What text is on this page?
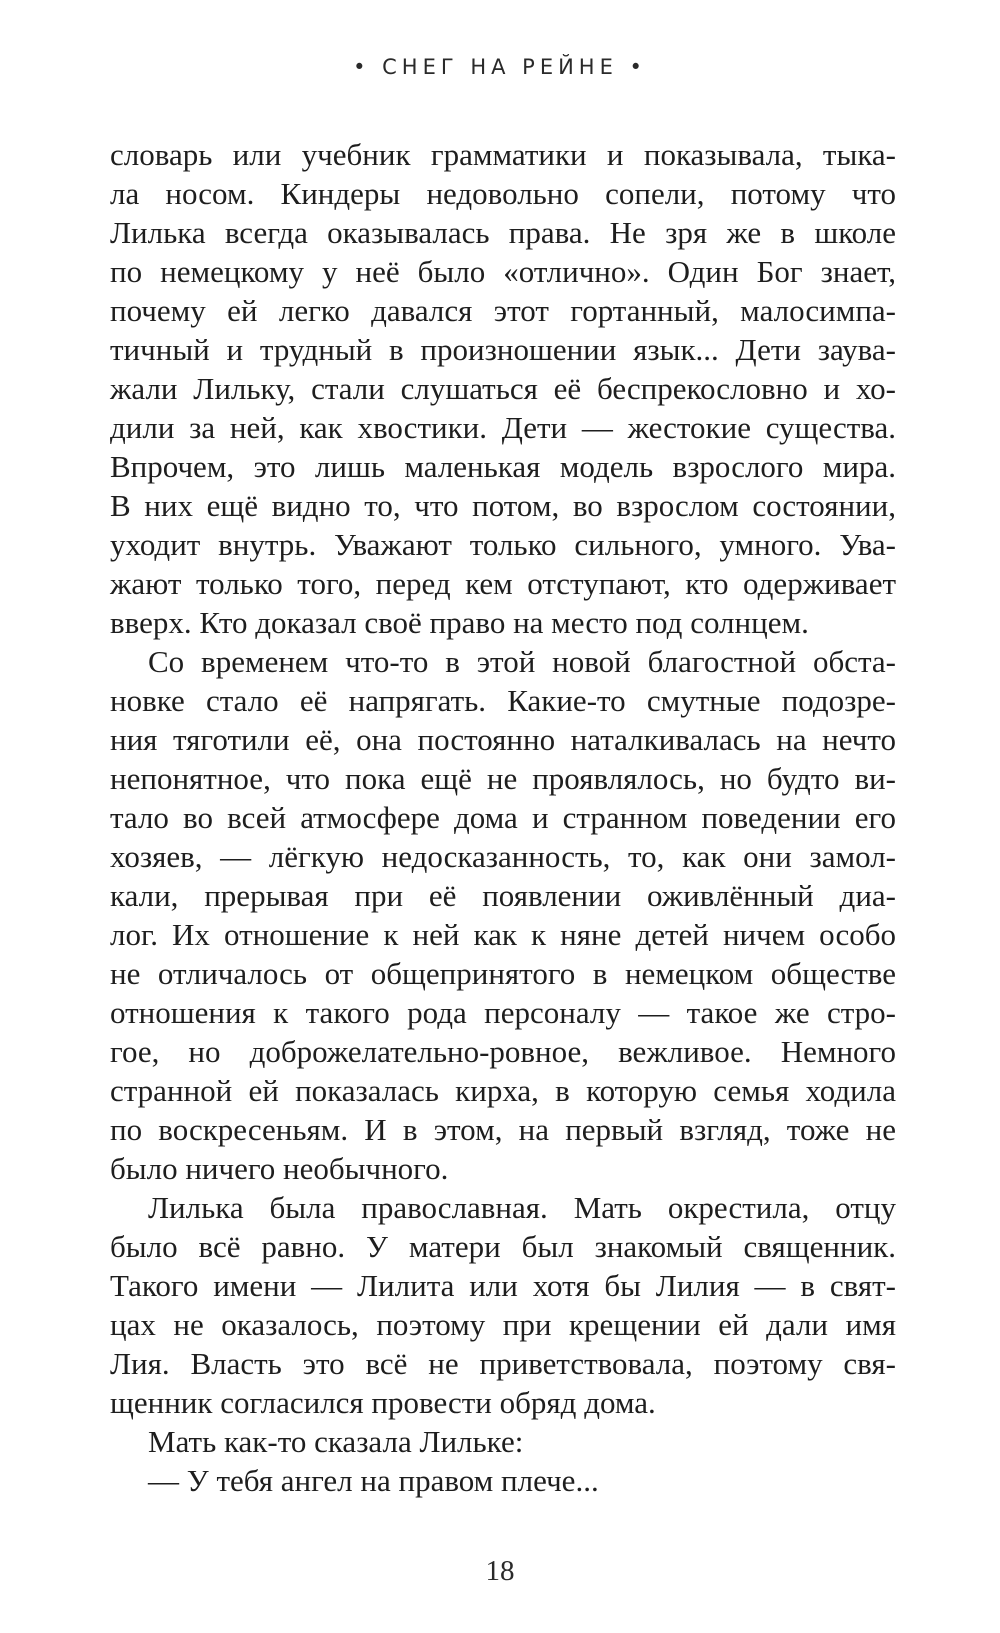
• СНЕГ НА РЕЙНЕ •
словарь или учебник грамматики и показывала, тыка-
ла носом. Киндеры недовольно сопели, потому что
Лилька всегда оказывалась права. Не зря же в школе
по немецкому у неё было «отлично». Один Бог знает,
почему ей легко давался этот гортанный, малосимпа-
тичный и трудный в произношении язык... Дети заува-
жали Лильку, стали слушаться её беспрекословно и хо-
дили за ней, как хвостики. Дети — жестокие существа.
Впрочем, это лишь маленькая модель взрослого мира.
В них ещё видно то, что потом, во взрослом состоянии,
уходит внутрь. Уважают только сильного, умного. Ува-
жают только того, перед кем отступают, кто одерживает
вверх. Кто доказал своё право на место под солнцем.
Со временем что-то в этой новой благостной обста-
новке стало её напрягать. Какие-то смутные подозре-
ния тяготили её, она постоянно наталкивалась на нечто
непонятное, что пока ещё не проявлялось, но будто ви-
тало во всей атмосфере дома и странном поведении его
хозяев, — лёгкую недосказанность, то, как они замол-
кали, прерывая при её появлении оживлённый диа-
лог. Их отношение к ней как к няне детей ничем особо
не отличалось от общепринятого в немецком обществе
отношения к такого рода персоналу — такое же стро-
гое, но доброжелательно-ровное, вежливое. Немного
странной ей показалась кирха, в которую семья ходила
по воскресеньям. И в этом, на первый взгляд, тоже не
было ничего необычного.
Лилька была православная. Мать окрестила, отцу
было всё равно. У матери был знакомый священник.
Такого имени — Лилита или хотя бы Лилия — в свят-
цах не оказалось, поэтому при крещении ей дали имя
Лия. Власть это всё не приветствовала, поэтому свя-
щенник согласился провести обряд дома.
Мать как-то сказала Лильке:
— У тебя ангел на правом плече...
18
